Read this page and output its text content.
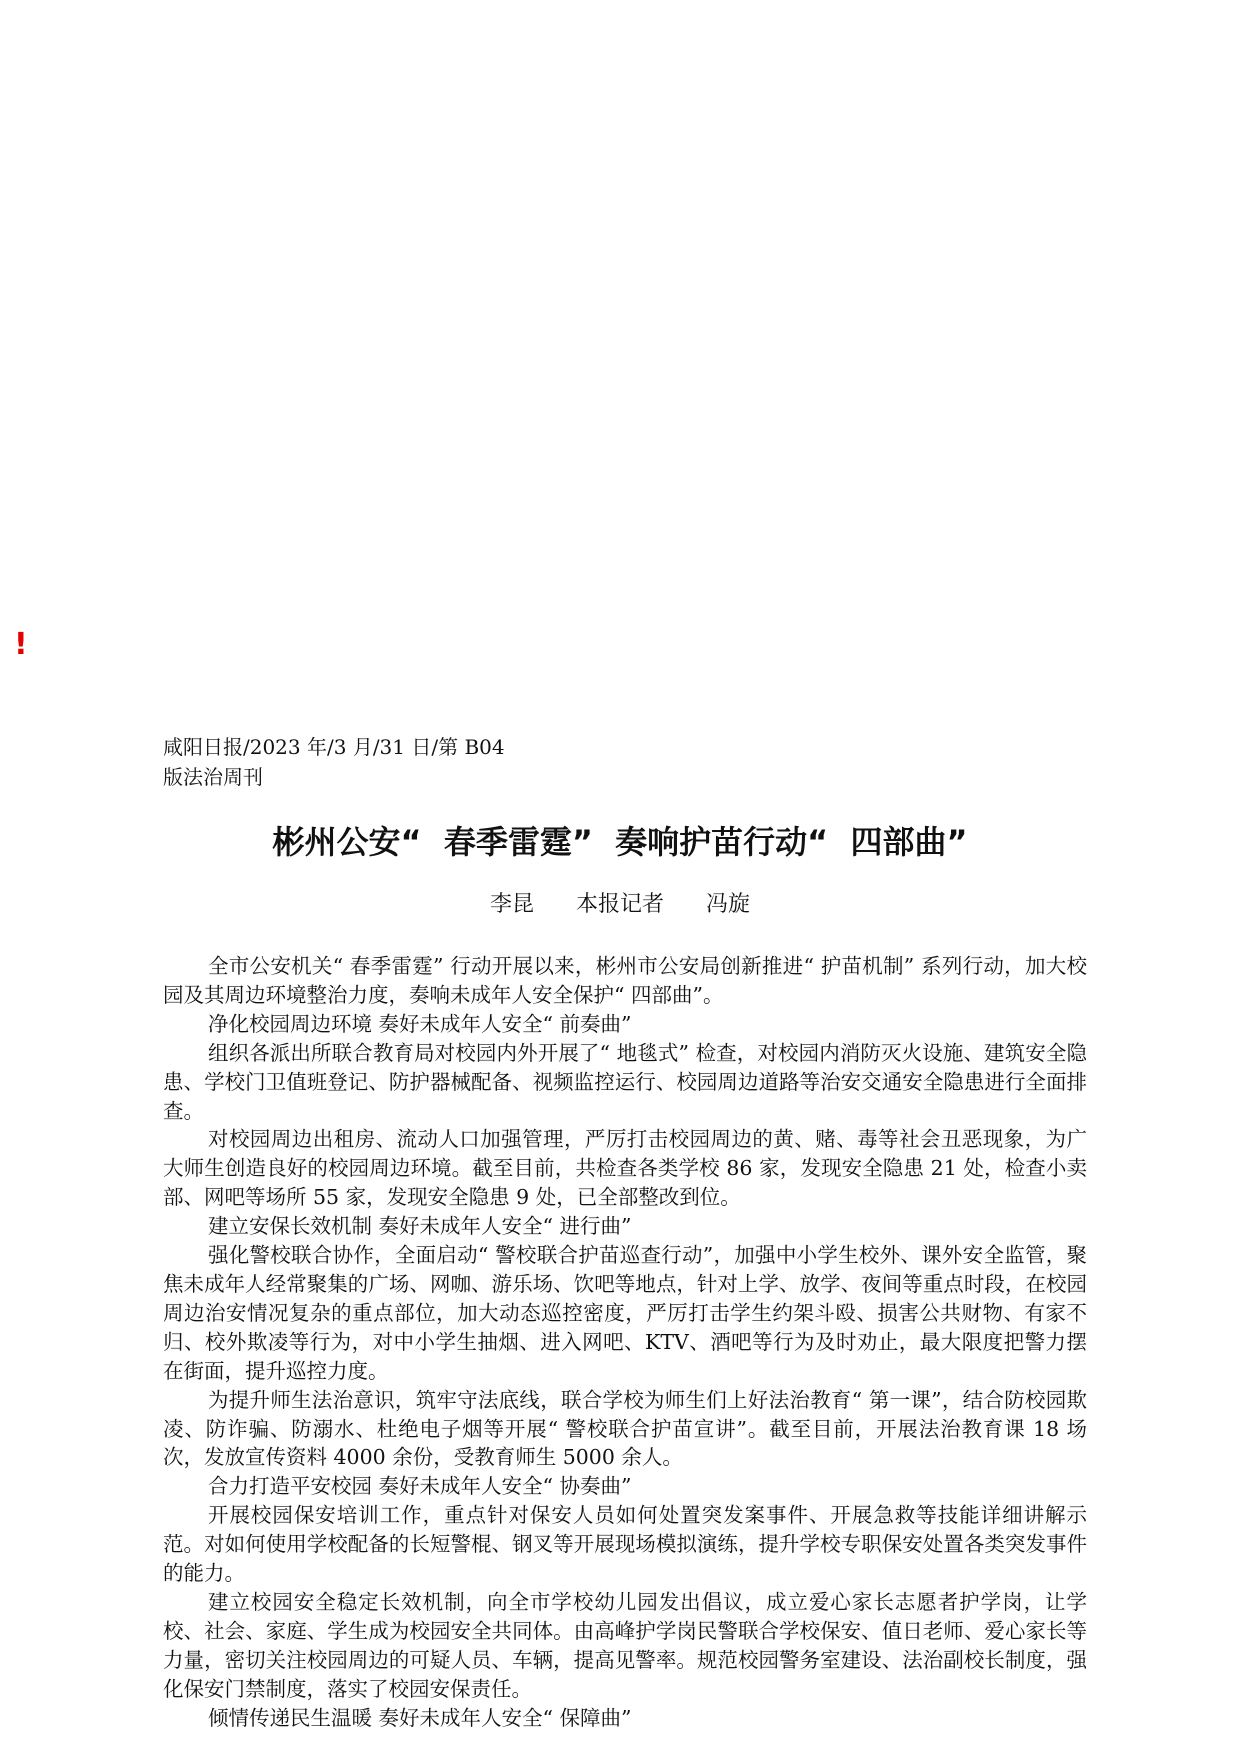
!
咸阳日报/2023 年/3 月/31 日/第 B04 版法治周刊
彬州公安“  春季雷霆”  奏响护苗行动“  四部曲”
李昆  本报记者  冯旋

全市公安机关“ 春季雷霆” 行动开展以来，彬州市公安局创新推进“ 护苗机制” 系列行动，加大校园及其周边环境整治力度，奏响未成年人安全保护“ 四部曲”。

净化校园周边环境 奏好未成年人安全“ 前奏曲”

组织各派出所联合教育局对校园内外开展了“ 地毯式” 检查，对校园内消防灭火设施、建筑安全隐患、学校门卫值班登记、防护器械配备、视频监控运行、校园周边道路等治安交通安全隐患进行全面排查。

对校园周边出租房、流动人口加强管理，严厉打击校园周边的黄、赌、毒等社会丑恶现象，为广大师生创造良好的校园周边环境。截至目前，共检查各类学校 86 家，发现安全隐患 21 处，检查小卖部、网吧等场所 55 家，发现安全隐患 9 处，已全部整改到位。

建立安保长效机制 奏好未成年人安全“ 进行曲”

强化警校联合协作，全面启动“ 警校联合护苗巡查行动”，加强中小学生校外、课外安全监管，聚焦未成年人经常聚集的广场、网咖、游乐场、饮吧等地点，针对上学、放学、夜间等重点时段，在校园周边治安情况复杂的重点部位，加大动态巡控密度，严厉打击学生约架斗殴、损害公共财物、有家不归、校外欺凌等行为，对中小学生抽烟、进入网吧、KTV、酒吧等行为及时劝止，最大限度把警力摆在街面，提升巡控力度。

为提升师生法治意识，筑牢守法底线，联合学校为师生们上好法治教育“ 第一课”，结合防校园欺凌、防诈骗、防溺水、杜绝电子烟等开展“ 警校联合护苗宣讲”。截至目前，开展法治教育课 18 场次，发放宣传资料 4000 余份，受教育师生 5000 余人。

合力打造平安校园 奏好未成年人安全“ 协奏曲”

开展校园保安培训工作，重点针对保安人员如何处置突发案事件、开展急救等技能详细讲解示范。对如何使用学校配备的长短警棍、钢叉等开展现场模拟演练，提升学校专职保安处置各类突发事件的能力。

建立校园安全稳定长效机制，向全市学校幼儿园发出倡议，成立爱心家长志愿者护学岗，让学校、社会、家庭、学生成为校园安全共同体。由高峰护学岗民警联合学校保安、值日老师、爱心家长等力量，密切关注校园周边的可疑人员、车辆，提高见警率。规范校园警务室建设、法治副校长制度，强化保安门禁制度，落实了校园安保责任。

倾情传递民生温暖 奏好未成年人安全“ 保障曲”
